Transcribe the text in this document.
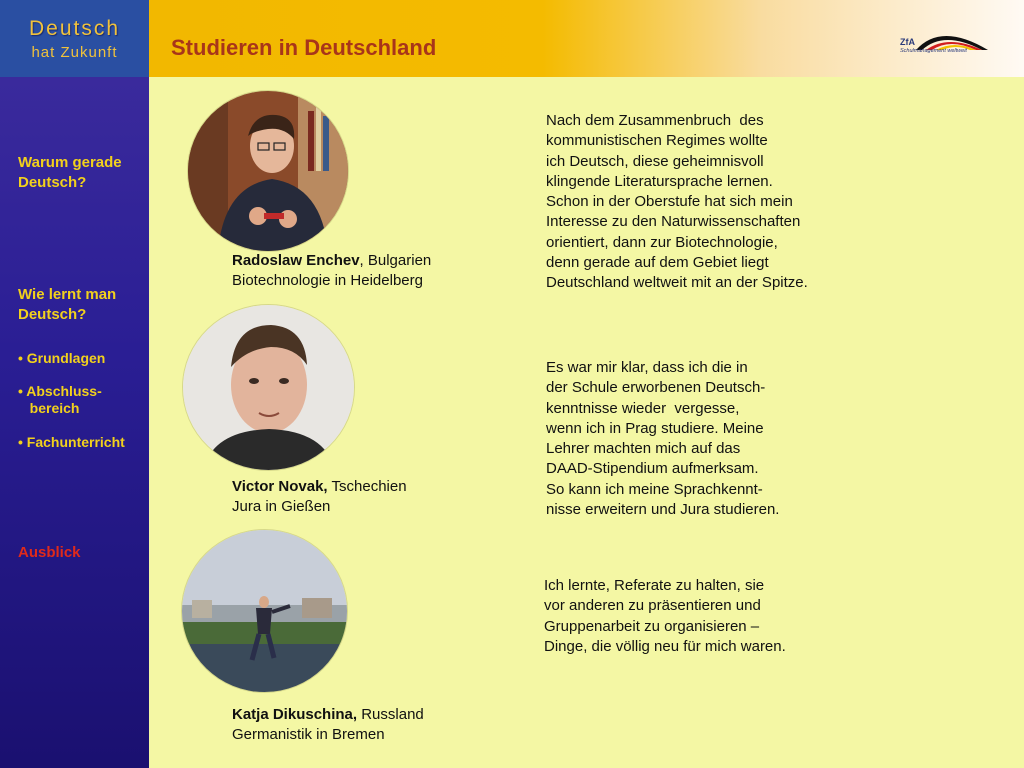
Deutsch
hat Zukunft	Studieren in Deutschland	ZfA
Schulmanagement weltweit
Warum gerade Deutsch?
Wie lernt man Deutsch?
• Grundlagen
• Abschluss-
bereich
• Fachunterricht
Ausblick
Radoslaw Enchev, Bulgarien
Biotechnologie in Heidelberg
Nach dem Zusammenbruch  des
kommunistischen Regimes wollte
ich Deutsch, diese geheimnisvoll
klingende Literatursprache lernen.
Schon in der Oberstufe hat sich mein
Interesse zu den Naturwissenschaften
orientiert, dann zur Biotechnologie,
denn gerade auf dem Gebiet liegt
Deutschland weltweit mit an der Spitze.
Victor Novak, Tschechien
Jura in Gießen
Es war mir klar, dass ich die in
der Schule erworbenen Deutsch-
kenntnisse wieder  vergesse,
wenn ich in Prag studiere. Meine
Lehrer machten mich auf das
DAAD-Stipendium aufmerksam.
So kann ich meine Sprachkennt-
nisse erweitern und Jura studieren.
Katja Dikuschina, Russland
Germanistik in Bremen
Ich lernte, Referate zu halten, sie
vor anderen zu präsentieren und
Gruppenarbeit zu organisieren –
Dinge, die völlig neu für mich waren.
